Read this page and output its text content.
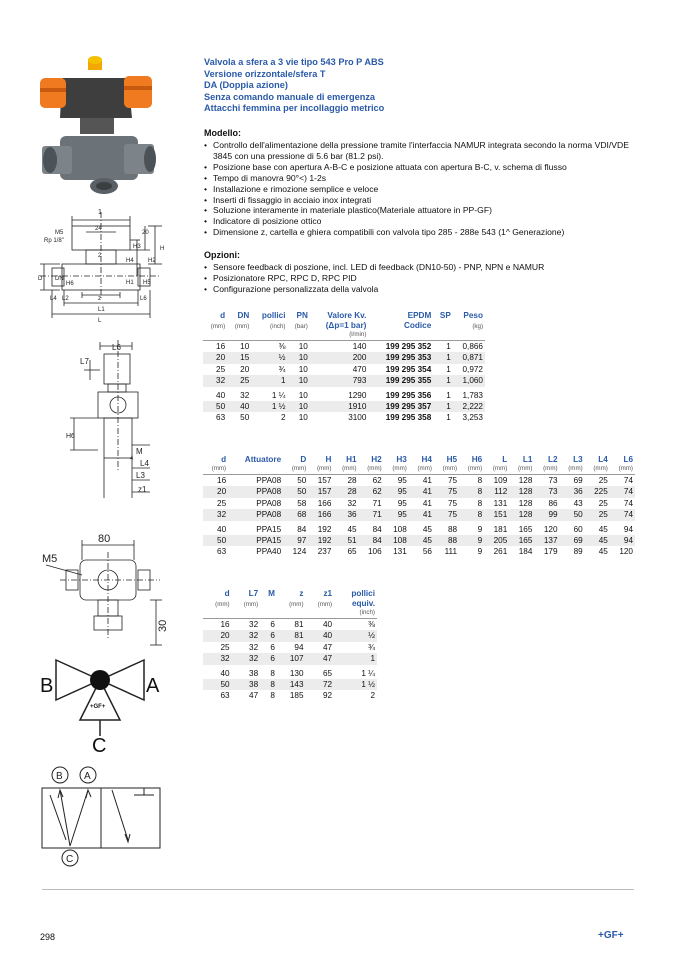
Valvola a sfera a 3 vie tipo 543 Pro P ABS
Versione orizzontale/sfera T
DA (Doppia azione)
Senza comando manuale di emergenza
Attacchi femmina per incollaggio metrico
Modello:
• Controllo dell'alimentazione della pressione tramite l'interfaccia NAMUR integrata secondo la norma VDI/VDE 3845 con una pressione di 5.6 bar (81.2 psi).
• Posizione base con apertura A-B-C e posizione attuata con apertura B-C, v. schema di flusso
• Tempo di manovra 90°<) 1-2s
• Installazione e rimozione semplice e veloce
• Inserti di fissaggio in acciaio inox integrati
• Soluzione interamente in materiale plastico(Materiale attuatore in PP-GF)
• Indicatore di posizione ottico
• Dimensione z, cartella e ghiera compatibili con valvola tipo 285 - 288e 543 (1^ Generazione)
Opzioni:
• Sensore feedback di poszione, incl. LED di feedback (DN10-50) - PNP, NPN e NAMUR
• Posizionatore RPC, RPC D, RPC PID
• Configurazione personalizzata della valvola
d	DN	pollici	PN	Valore Kv.	EPDM	SP	Peso

(mm)	(mm)	(inch)	(bar)	(Δp=1 bar)	Codice		(kg)

				(l/min)			

16	10	⅜	10	140	199 295 352	1	0,866
20	15	½	10	200	199 295 353	1	0,871
25	20	¾	10	470	199 295 354	1	0,972
32	25	1	10	793	199 295 355	1	1,060
40	32	1 ¼	10	1290	199 295 356	1	1,783
50	40	1 ½	10	1910	199 295 357	1	2,222
63	50	2	10	3100	199 295 358	1	3,253
d	Attuatore	D	H	H1	H2	H3	H4	H5	H6	L	L1	L2	L3	L4	L6

(mm)		(mm)	(mm)	(mm)	(mm)	(mm)	(mm)	(mm)	(mm)	(mm)	(mm)	(mm)	(mm)	(mm)	(mm)

16	PPA08	50	157	28	62	95	41	75	8	109	128	73	69	25	74
20	PPA08	50	157	28	62	95	41	75	8	112	128	73	36	225	74
25	PPA08	58	166	32	71	95	41	75	8	131	128	86	43	25	74
32	PPA08	68	166	36	71	95	41	75	8	151	128	99	50	25	74
40	PPA15	84	192	45	84	108	45	88	9	181	165	120	60	45	94
50	PPA15	97	192	51	84	108	45	88	9	205	165	137	69	45	94
63	PPA40	124	237	65	106	131	56	111	9	261	184	179	89	45	120
d	L7	M	z	z1	pollici

(mm)	(mm)		(mm)	(mm)	equiv.

					(inch)

16	32	6	81	40	⅜
20	32	6	81	40	½
25	32	6	94	47	¾
32	32	6	107	47	1
40	38	8	130	65	1 ¼
50	38	8	143	72	1 ½
63	47	8	185	92	2
1
24
M5
Rp 1/8"
D DN
2
z
L1
L
L2
H
20
H3
H4 H2
H1 H5
H6
L4	L6
L6
L7
H6
M
L4
L3
z1
4
M5
80
30
B	A
C
+GF+
B A
C
298	+GF+
